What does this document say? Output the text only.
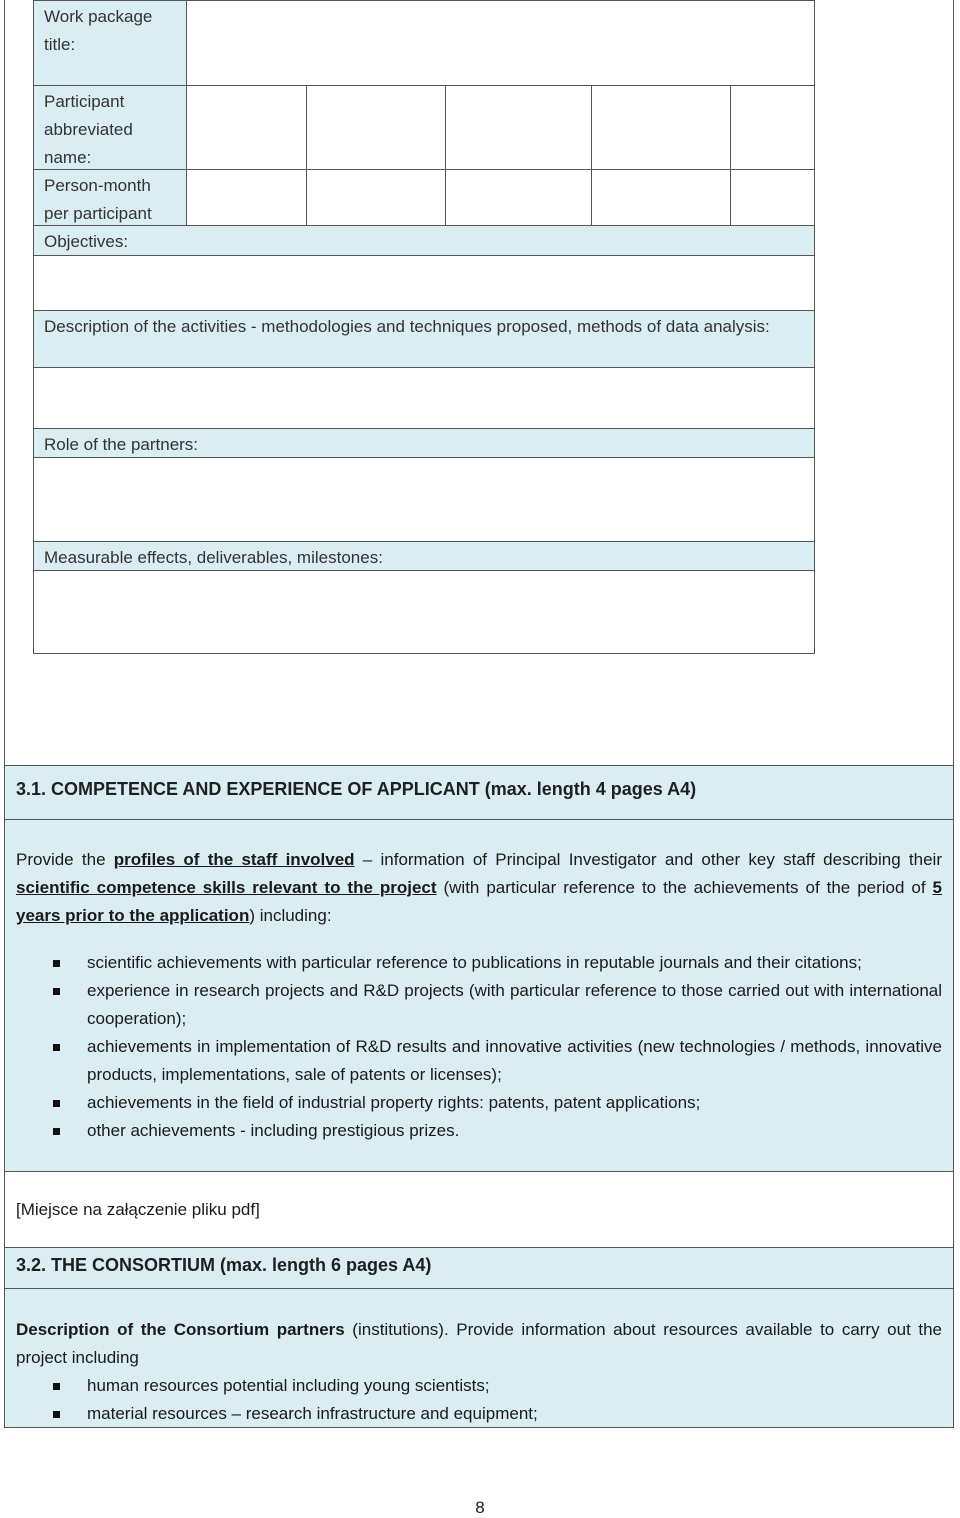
Work package title:
Participant abbreviated name:
Person-month per participant
Objectives:
Description of the activities - methodologies and techniques proposed, methods of data analysis:
Role of the partners:
Measurable effects, deliverables, milestones:
3.1. COMPETENCE AND EXPERIENCE OF APPLICANT (max. length 4 pages A4)

Provide the profiles of the staff involved – information of Principal Investigator and other key staff describing their scientific competence skills relevant to the project (with particular reference to the achievements of the period of 5 years prior to the application) including:

scientific achievements with particular reference to publications in reputable journals and their citations;
experience in research projects and R&D projects (with particular reference to those carried out with international cooperation);
achievements in implementation of R&D results and innovative activities (new technologies / methods, innovative products, implementations, sale of patents or licenses);
achievements in the field of industrial property rights: patents, patent applications;
other achievements - including prestigious prizes.

[Miejsce na załączenie pliku pdf]

3.2. THE CONSORTIUM (max. length 6 pages A4)

Description of the Consortium partners (institutions). Provide information about resources available to carry out the project including

human resources potential including young scientists;
material resources – research infrastructure and equipment;
8
